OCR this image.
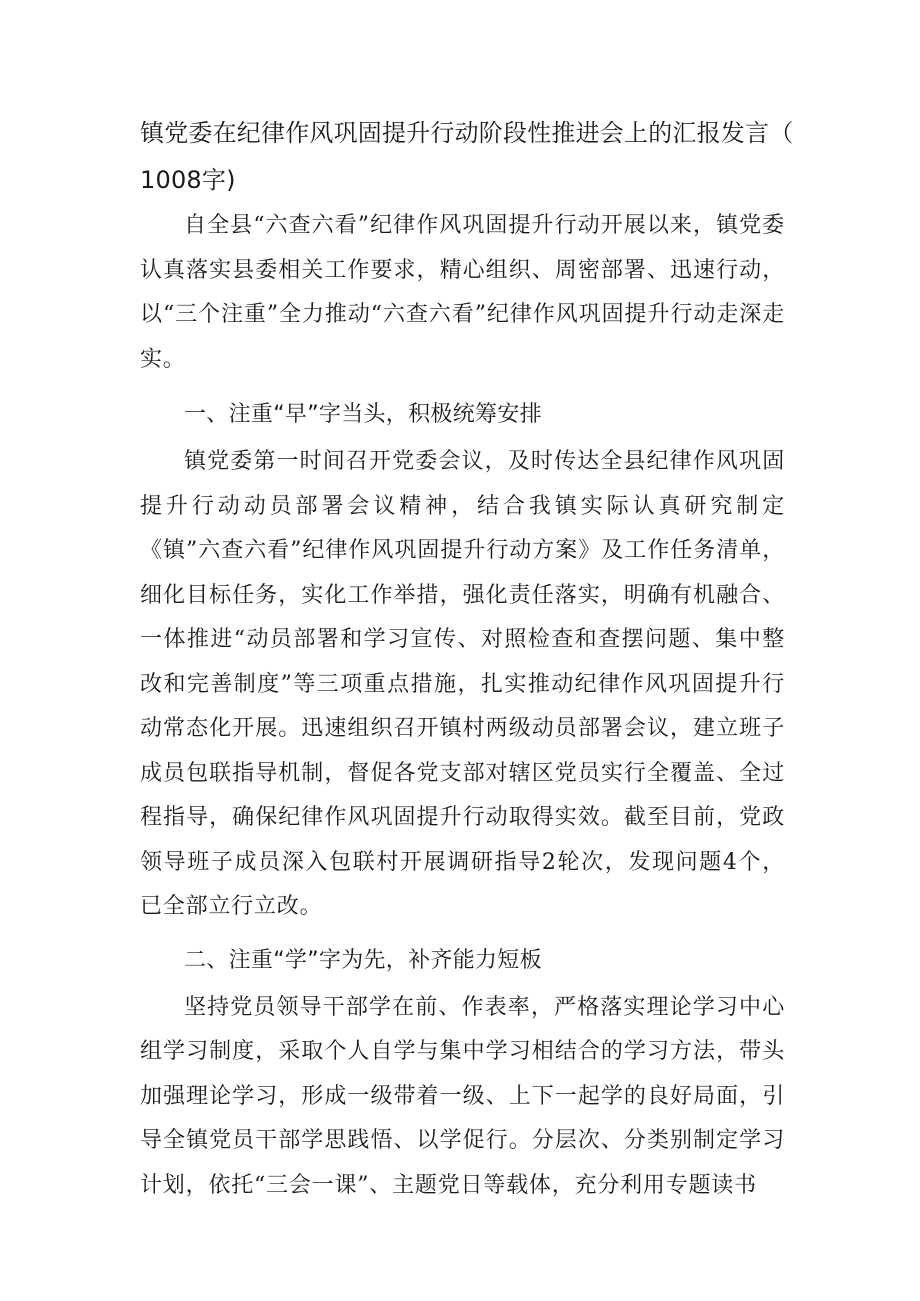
镇党委在纪律作风巩固提升行动阶段性推进会上的汇报发言（
1008字)

自全县“六查六看”纪律作风巩固提升行动开展以来，镇党委认真落实县委相关工作要求，精心组织、周密部署、迅速行动，以“三个注重”全力推动“六查六看”纪律作风巩固提升行动走深走实。

一、注重“早”字当头，积极统筹安排

镇党委第一时间召开党委会议，及时传达全县纪律作风巩固提升行动动员部署会议精神，结合我镇实际认真研究制定《镇”六查六看”纪律作风巩固提升行动方案》及工作任务清单，细化目标任务，实化工作举措，强化责任落实，明确有机融合、一体推进“动员部署和学习宣传、对照检查和查摆问题、集中整改和完善制度”等三项重点措施，扎实推动纪律作风巩固提升行动常态化开展。迅速组织召开镇村两级动员部署会议，建立班子成员包联指导机制，督促各党支部对辖区党员实行全覆盖、全过程指导，确保纪律作风巩固提升行动取得实效。截至目前，党政领导班子成员深入包联村开展调研指导2轮次，发现问题4个，已全部立行立改。

二、注重“学”字为先，补齐能力短板

坚持党员领导干部学在前、作表率，严格落实理论学习中心组学习制度，采取个人自学与集中学习相结合的学习方法，带头加强理论学习，形成一级带着一级、上下一起学的良好局面，引导全镇党员干部学思践悟、以学促行。分层次、分类别制定学习计划，依托“三会一课”、主题党日等载体，充分利用专题读书
